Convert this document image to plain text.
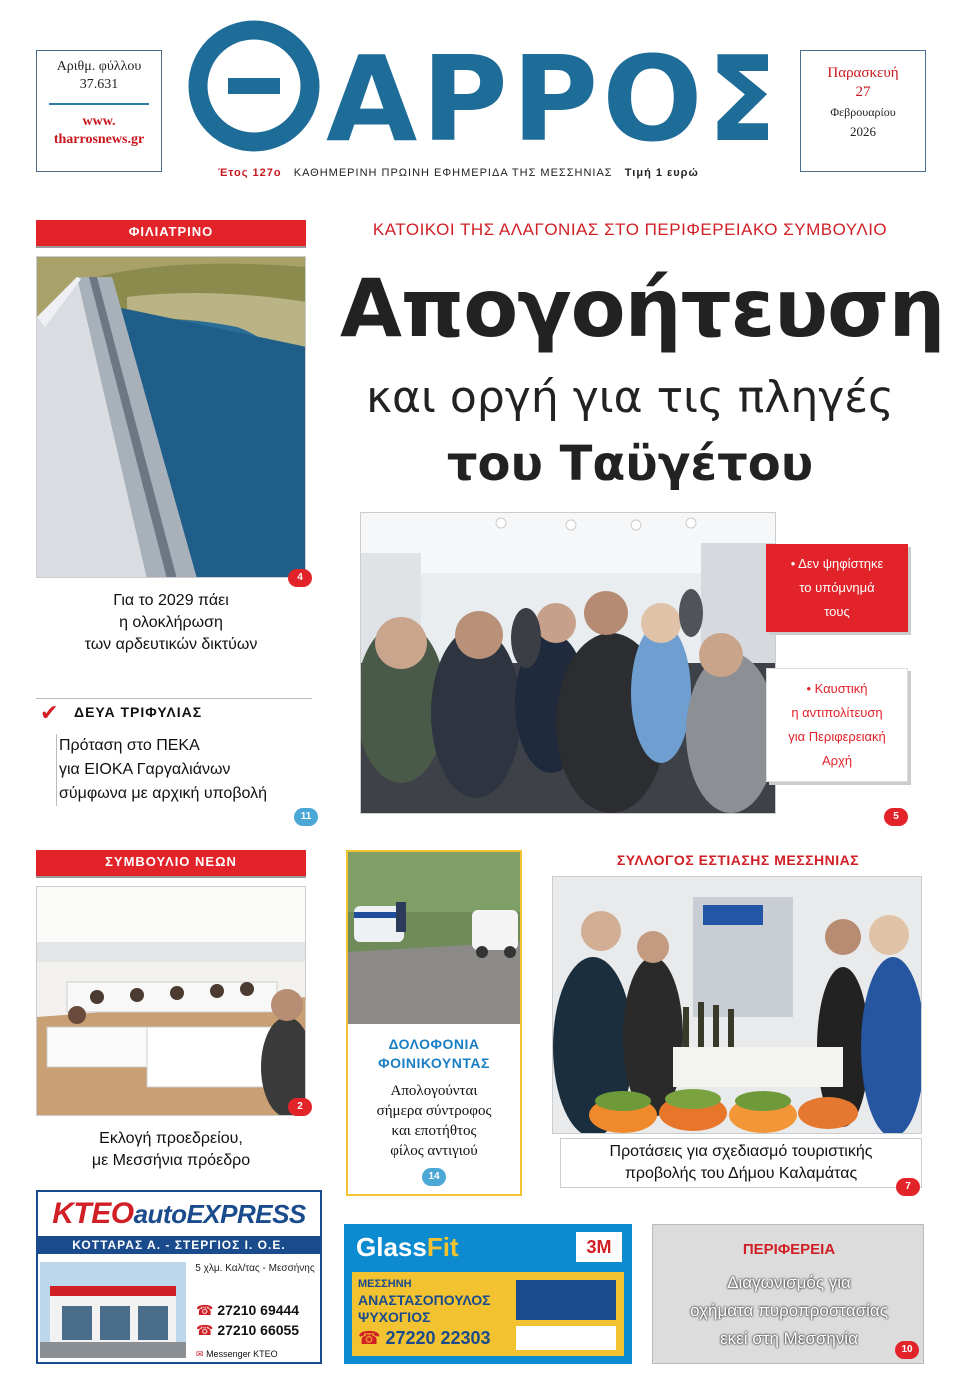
Αριθμ. φύλλου
37.631
www.
tharrosnews.gr ΑΡΡΟΣ	Παρασκευή
27
Φεβρουαρίου
2026
Έτος 127ο ΚΑΘΗΜΕΡΙΝΗ ΠΡΩΙΝΗ ΕΦΗΜΕΡΙΔΑ ΤΗΣ ΜΕΣΣΗΝΙΑΣ Τιμή 1 ευρώ
ΦΙΛΙΑΤΡΙΝΟ
4
Για το 2029 πάει
η ολοκλήρωση
των αρδευτικών δικτύων
✔ ΔΕΥΑ ΤΡΙΦΥΛΙΑΣ
Πρόταση στο ΠΕΚΑ
για ΕΙΟΚΑ Γαργαλιάνων
σύμφωνα με αρχική υποβολή
11
ΚΑΤΟΙΚΟΙ ΤΗΣ ΑΛΑΓΟΝΙΑΣ ΣΤΟ ΠΕΡΙΦΕΡΕΙΑΚΟ ΣΥΜΒΟΥΛΙΟ
Απογοήτευση
και οργή για τις πληγές
του Ταϋγέτου
• Δεν ψηφίστηκε
το υπόμνημά
τους
• Καυστική
η αντιπολίτευση
για Περιφερειακή
Αρχή
5
ΣΥΜΒΟΥΛΙΟ ΝΕΩΝ
2
Εκλογή προεδρείου,
με Μεσσήνια πρόεδρο
ΔΟΛΟΦΟΝΙΑ
ΦΟΙΝΙΚΟΥΝΤΑΣ
Απολογούνται
σήμερα σύντροφος
και εποτήθτος
φίλος αντιγιού
14
ΣΥΛΛΟΓΟΣ ΕΣΤΙΑΣΗΣ ΜΕΣΣΗΝΙΑΣ
Προτάσεις για σχεδιασμό τουριστικής
προβολής του Δήμου Καλαμάτας
7
ΚΤΕΟautoEXPRESS
ΚΟΤΤΑΡΑΣ Α. - ΣΤΕΡΓΙΟΣ Ι. Ο.Ε.
5 χλμ. Καλ/τας - Μεσσήνης
☎ 27210 69444
☎ 27210 66055
✉ Messenger ΚΤΕΟ
GlassFit	3M
ΜΕΣΣΗΝΗ
ΑΝΑΣΤΑΣΟΠΟΥΛΟΣ
ΨΥΧΟΓΙΟΣ
☎ 27220 22303
ΠΕΡΙΦΕΡΕΙΑ
Διαγωνισμός για
οχήματα πυροπροστασίας
εκεί στη Μεσσηνία
10
